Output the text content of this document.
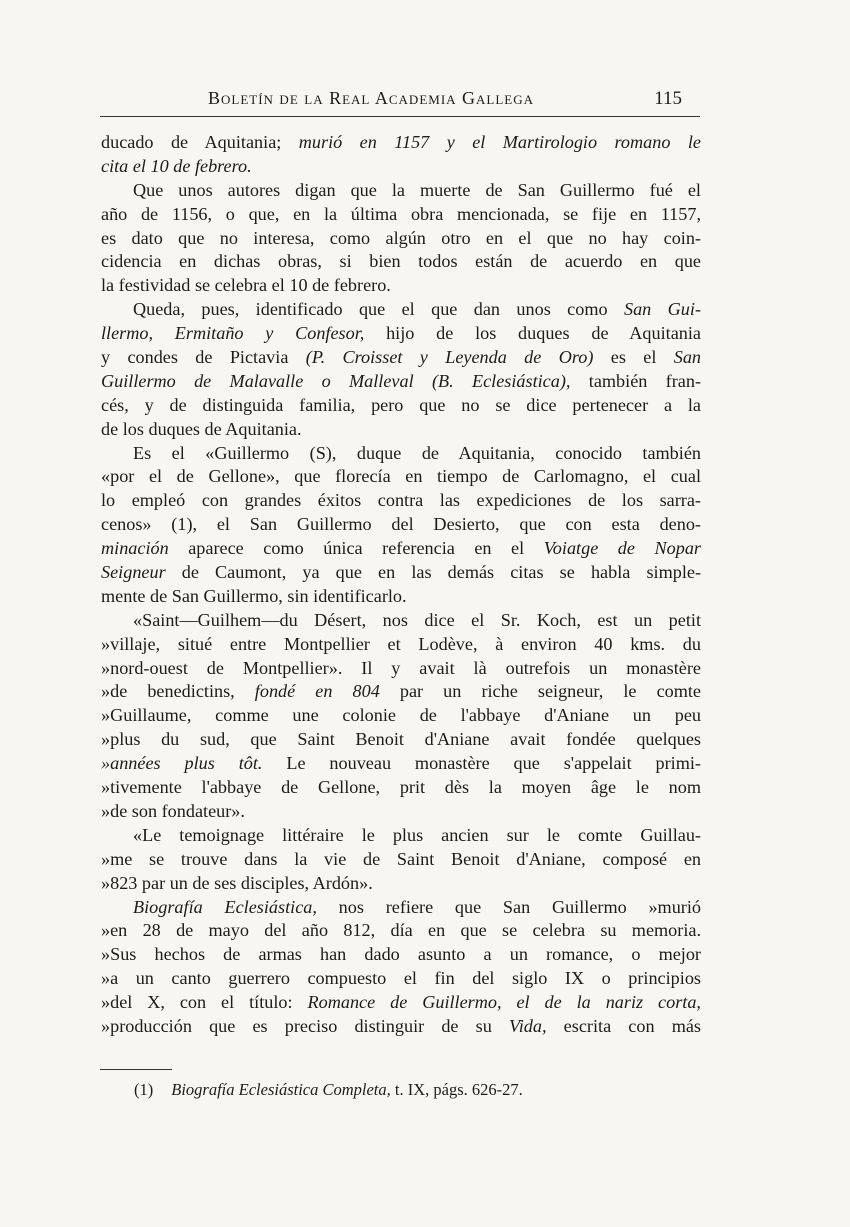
Boletín de la Real Academia Gallega	115
ducado de Aquitania; murió en 1157 y el Martirologio romano le
cita el 10 de febrero.
Que unos autores digan que la muerte de San Guillermo fué el
año de 1156, o que, en la última obra mencionada, se fije en 1157,
es dato que no interesa, como algún otro en el que no hay coin-
cidencia en dichas obras, si bien todos están de acuerdo en que
la festividad se celebra el 10 de febrero.
Queda, pues, identificado que el que dan unos como San Gui-
llermo, Ermitaño y Confesor, hijo de los duques de Aquitania
y condes de Pictavia (P. Croisset y Leyenda de Oro) es el San
Guillermo de Malavalle o Malleval (B. Eclesiástica), también fran-
cés, y de distinguida familia, pero que no se dice pertenecer a la
de los duques de Aquitania.
Es el «Guillermo (S), duque de Aquitania, conocido también
«por el de Gellone», que florecía en tiempo de Carlomagno, el cual
lo empleó con grandes éxitos contra las expediciones de los sarra-
cenos» (1), el San Guillermo del Desierto, que con esta deno-
minación aparece como única referencia en el Voiatge de Nopar
Seigneur de Caumont, ya que en las demás citas se habla simple-
mente de San Guillermo, sin identificarlo.
«Saint—Guilhem—du Désert, nos dice el Sr. Koch, est un petit
»villaje, situé entre Montpellier et Lodève, à environ 40 kms. du
»nord-ouest de Montpellier». Il y avait là outrefois un monastère
»de benedictins, fondé en 804 par un riche seigneur, le comte
»Guillaume, comme une colonie de l'abbaye d'Aniane un peu
»plus du sud, que Saint Benoit d'Aniane avait fondée quelques
»années plus tôt. Le nouveau monastère que s'appelait primi-
»tivemente l'abbaye de Gellone, prit dès la moyen âge le nom
»de son fondateur».
«Le temoignage littéraire le plus ancien sur le comte Guillau-
»me se trouve dans la vie de Saint Benoit d'Aniane, composé en
»823 par un de ses disciples, Ardón».
Biografía Eclesiástica, nos refiere que San Guillermo »murió
»en 28 de mayo del año 812, día en que se celebra su memoria.
»Sus hechos de armas han dado asunto a un romance, o mejor
»a un canto guerrero compuesto el fin del siglo IX o principios
»del X, con el título: Romance de Guillermo, el de la nariz corta,
»producción que es preciso distinguir de su Vida, escrita con más
(1) Biografía Eclesiástica Completa, t. IX, págs. 626-27.
